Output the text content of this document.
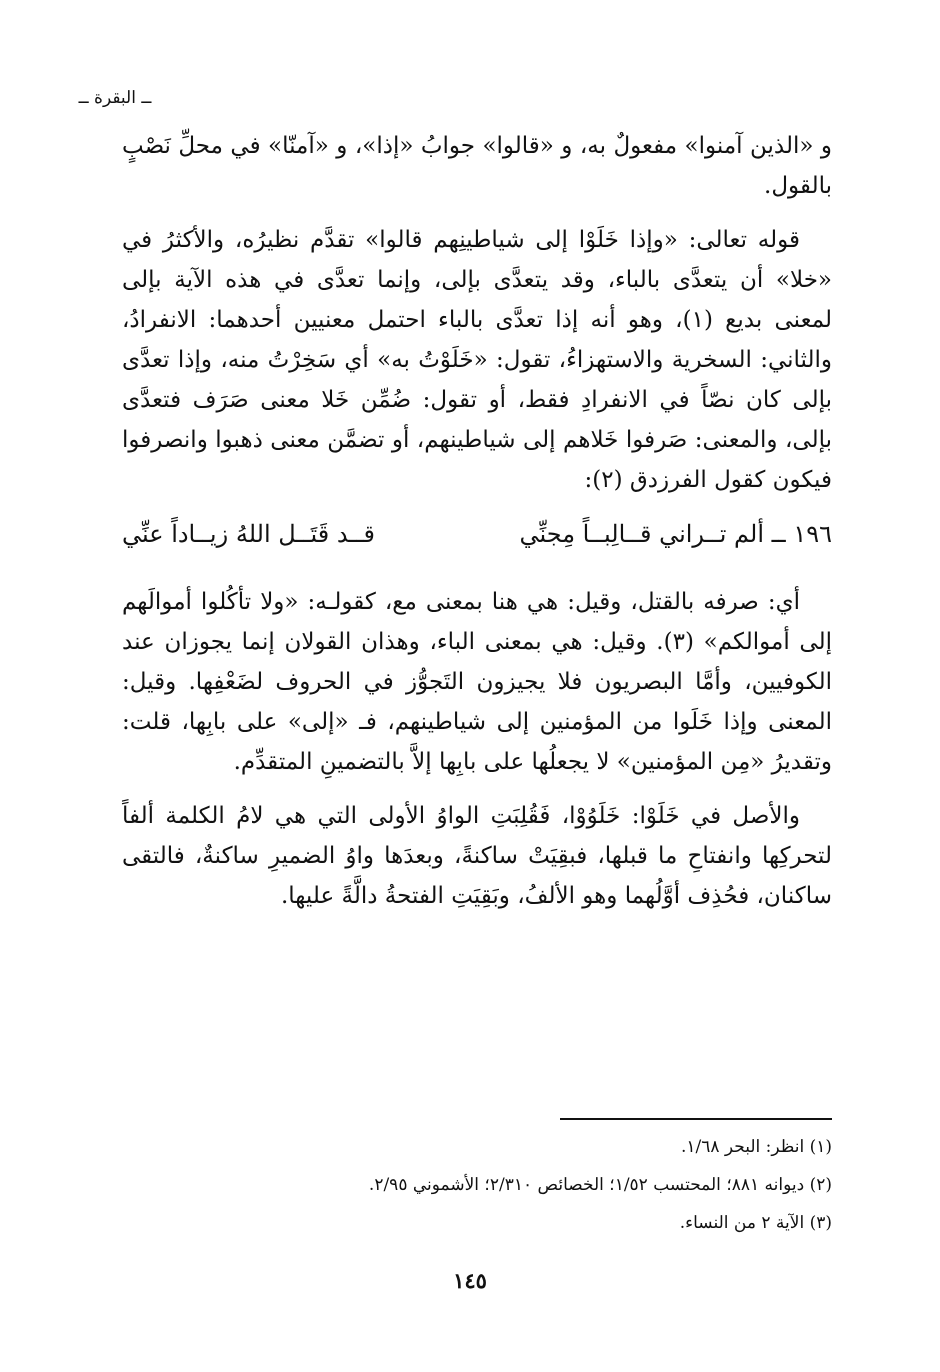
ــ البقرة ــ

و «الذين آمنوا» مفعولٌ به، و «قالوا» جوابُ «إذا»، و «آمنّا» في محلِّ نَصْبٍ بالقول.

قوله تعالى: «وإذا خَلَوْا إلى شياطينِهم قالوا» تقدَّم نظيرُه، والأكثرُ في «خلا» أن يتعدَّى بالباء، وقد يتعدَّى بإلى، وإنما تعدَّى في هذه الآية بإلى لمعنى بديع (١)، وهو أنه إذا تعدَّى بالباء احتمل معنيين أحدهما: الانفرادُ، والثاني: السخرية والاستهزاءُ، تقول: «خَلَوْتُ به» أي سَخِرْتُ منه، وإذا تعدَّى بإلى كان نصّاً في الانفرادِ فقط، أو تقول: ضُمِّن خَلا معنى صَرَف فتعدَّى بإلى، والمعنى: صَرفوا خَلاهم إلى شياطينهم، أو تضمَّن معنى ذهبوا وانصرفوا فيكون كقول الفرزدق (٢):

١٩٦ ــ ألم تــراني قــالِبــاً مِجنِّي
قــد قَتَــل اللهُ زيــاداً عنِّي

أي: صرفه بالقتل، وقيل: هي هنا بمعنى مع، كقولـه: «ولا تأكُلوا أموالَهم إلى أموالكم» (٣). وقيل: هي بمعنى الباء، وهذان القولان إنما يجوزان عند الكوفيين، وأمَّا البصريون فلا يجيزون التَجوُّز في الحروف لضَعْفِها. وقيل: المعنى وإذا خَلَوا من المؤمنين إلى شياطينهم، فـ «إلى» على بابِها، قلت: وتقديرُ «مِن المؤمنين» لا يجعلُها على بابِها إلاَّ بالتضمينِ المتقدِّم.

والأصل في خَلَوْا: خَلَوُوْا، فَقُلِبَتِ الواوُ الأولى التي هي لامُ الكلمة ألفاً لتحركِها وانفتاحِ ما قبلها، فبقِيَتْ ساكنةً، وبعدَها واوُ الضميرِ ساكنةٌ، فالتقى ساكنان، فحُذِف أوَّلُهما وهو الألفُ، وبَقِيَتِ الفتحةُ دالَّةً عليها.

(١) انظر: البحر ١/٦٨.
(٢) ديوانه ٨٨١؛ المحتسب ١/٥٢؛ الخصائص ٢/٣١٠؛ الأشموني ٢/٩٥.
(٣) الآية ٢ من النساء.
١٤٥
